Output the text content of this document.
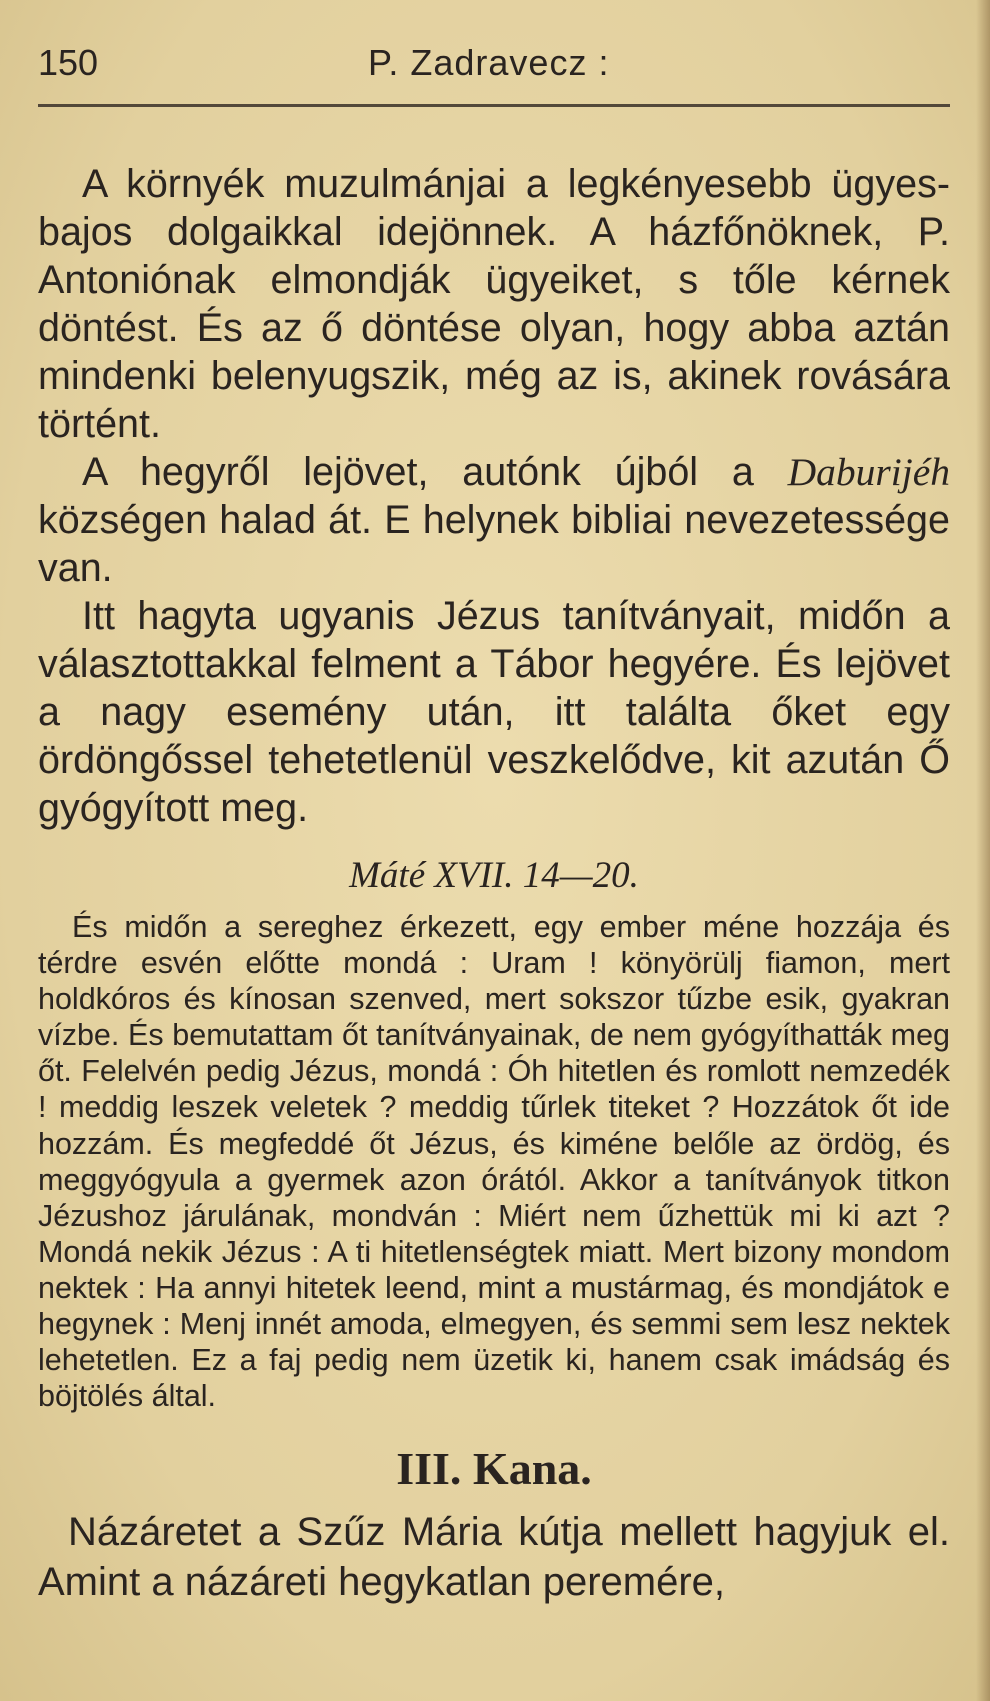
150	P. Zadravecz :

A környék muzulmánjai a legkényesebb ügyes-bajos dolgaikkal idejönnek. A házfőnöknek, P. Antoniónak elmondják ügyeiket, s tőle kérnek döntést. És az ő döntése olyan, hogy abba aztán mindenki belenyugszik, még az is, akinek rovására történt.

A hegyről lejövet, autónk újból a Daburijéh községen halad át. E helynek bibliai nevezetessége van.

Itt hagyta ugyanis Jézus tanítványait, midőn a választottakkal felment a Tábor hegyére. És lejövet a nagy esemény után, itt találta őket egy ördöngőssel tehetetlenül veszkelődve, kit azután Ő gyógyított meg.

Máté XVII. 14—20.

És midőn a sereghez érkezett, egy ember méne hozzája és térdre esvén előtte mondá : Uram ! könyörülj fiamon, mert holdkóros és kínosan szenved, mert sokszor tűzbe esik, gyakran vízbe. És bemutattam őt tanítványainak, de nem gyógyíthatták meg őt. Felelvén pedig Jézus, mondá : Óh hitetlen és romlott nemzedék ! meddig leszek veletek ? meddig tűrlek titeket ? Hozzátok őt ide hozzám. És megfeddé őt Jézus, és kiméne belőle az ördög, és meggyógyula a gyermek azon órától. Akkor a tanítványok titkon Jézushoz járulának, mondván : Miért nem űzhettük mi ki azt ? Mondá nekik Jézus : A ti hitetlenségtek miatt. Mert bizony mondom nektek : Ha annyi hitetek leend, mint a mustármag, és mondjátok e hegynek : Menj innét amoda, elmegyen, és semmi sem lesz nektek lehetetlen. Ez a faj pedig nem üzetik ki, hanem csak imádság és böjtölés által.

III. Kana.

Názáretet a Szűz Mária kútja mellett hagyjuk el. Amint a názáreti hegykatlan peremére,
